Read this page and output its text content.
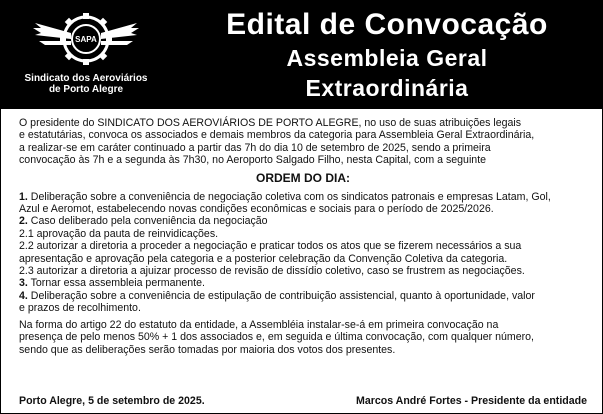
SAPA
Sindicato dos Aeroviários
de Porto Alegre
Edital de Convocação
Assembleia Geral
Extraordinária

O presidente do SINDICATO DOS AEROVIÁRIOS DE PORTO ALEGRE, no uso de suas atribuições legais
e estatutárias, convoca os associados e demais membros da categoria para Assembleia Geral Extraordinária,
a realizar-se em caráter continuado a partir das 7h do dia 10 de setembro de 2025, sendo a primeira
convocação às 7h e a segunda às 7h30, no Aeroporto Salgado Filho, nesta Capital, com a seguinte

ORDEM DO DIA:

1. Deliberação sobre a conveniência de negociação coletiva com os sindicatos patronais e empresas Latam, Gol,
Azul e Aeromot, estabelecendo novas condições econômicas e sociais para o período de 2025/2026.

2. Caso deliberado pela conveniência da negociação

2.1 aprovação da pauta de reinvidicações.

2.2 autorizar a diretoria a proceder a negociação e praticar todos os atos que se fizerem necessários a sua
apresentação e aprovação pela categoria e a posterior celebração da Convenção Coletiva da categoria.

2.3 autorizar a diretoria a ajuizar processo de revisão de dissídio coletivo, caso se frustrem as negociações.

3. Tornar essa assembleia permanente.

4. Deliberação sobre a conveniência de estipulação de contribuição assistencial, quanto à oportunidade, valor
e prazos de recolhimento.

Na forma do artigo 22 do estatuto da entidade, a Assembléia instalar-se-á em primeira convocação na
presença de pelo menos 50% + 1 dos associados e, em seguida e última convocação, com qualquer número,
sendo que as deliberações serão tomadas por maioria dos votos dos presentes.

Porto Alegre, 5 de setembro de 2025.	Marcos André Fortes - Presidente da entidade
